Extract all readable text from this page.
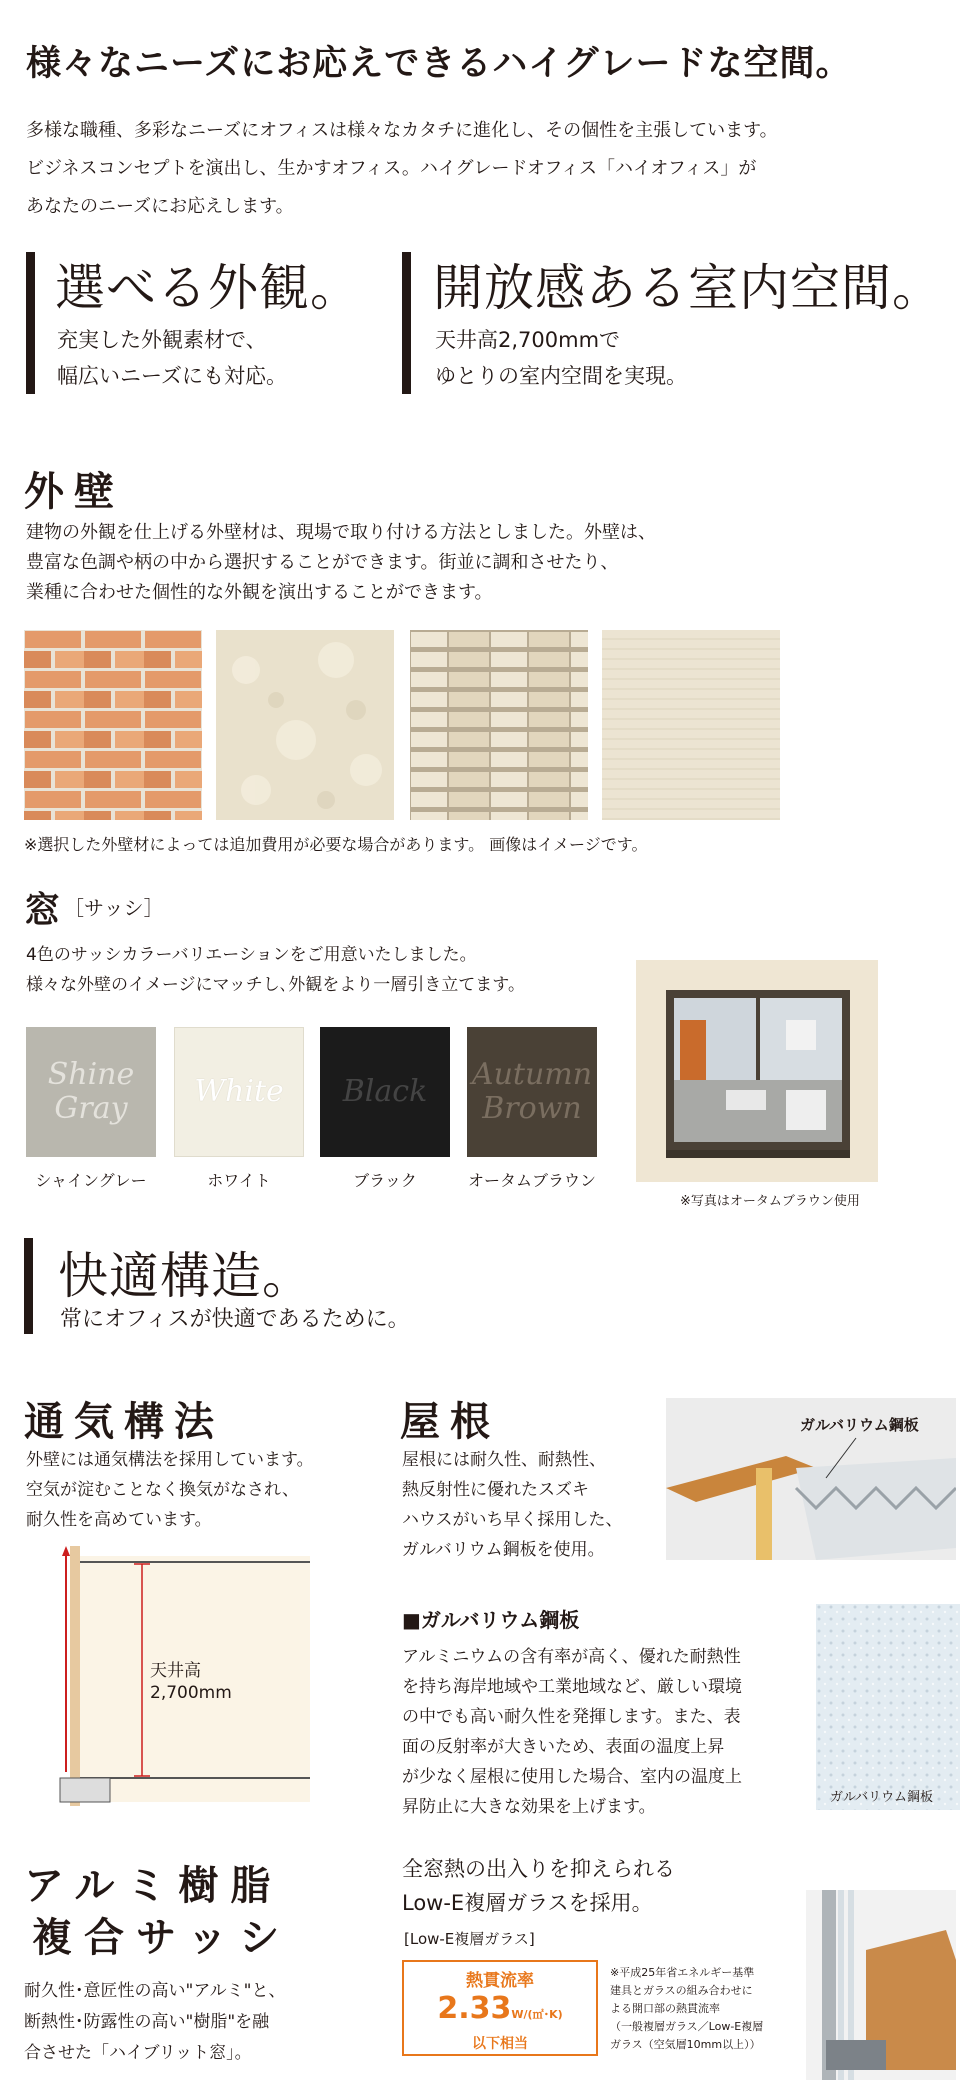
様々なニーズにお応えできるハイグレードな空間。
多様な職種、多彩なニーズにオフィスは様々なカタチに進化し、その個性を主張しています。
ビジネスコンセプトを演出し、生かすオフィス。ハイグレードオフィス「ハイオフィス」が
あなたのニーズにお応えします。
選べる外観。
充実した外観素材で、
幅広いニーズにも対応。
開放感ある室内空間。
天井高2,700mmで
ゆとりの室内空間を実現。
外壁
建物の外観を仕上げる外壁材は、現場で取り付ける方法としました。外壁は、
豊富な色調や柄の中から選択することができます。街並に調和させたり、
業種に合わせた個性的な外観を演出することができます。
※選択した外壁材によっては追加費用が必要な場合があります。 画像はイメージです。
窓 ［サッシ］
4色のサッシカラーバリエーションをご用意いたしました。
様々な外壁のイメージにマッチし､外観をより一層引き立てます。
Shine
Gray White Black Autumn
Brown
シャイングレー	ホワイト	ブラック	オータムブラウン
※写真はオータムブラウン使用
快適構造。
常にオフィスが快適であるために。
通気構法
外壁には通気構法を採用しています。
空気が淀むことなく換気がなされ、
耐久性を高めています。
天井高
2,700mm
屋根
屋根には耐久性、耐熱性、
熱反射性に優れたスズキ
ハウスがいち早く採用した、
ガルバリウム鋼板を使用。
ガルバリウム鋼板
■ガルバリウム鋼板
アルミニウムの含有率が高く、優れた耐熱性
を持ち海岸地域や工業地域など、厳しい環境
の中でも高い耐久性を発揮します。また、表
面の反射率が大きいため、表面の温度上昇
が少なく屋根に使用した場合、室内の温度上
昇防止に大きな効果を上げます。	ガルバリウム鋼板
アルミ樹脂
複合サッシ
耐久性･意匠性の高い"アルミ"と、
断熱性･防露性の高い"樹脂"を融
合させた「ハイブリット窓」。
全窓熱の出入りを抑えられる
Low-E複層ガラスを採用。
[Low-E複層ガラス]
熱貫流率
2.33W/(㎡･K)
以下相当
※平成25年省エネルギー基準
建具とガラスの組み合わせに
よる開口部の熱貫流率
（一般複層ガラス／Low-E複層
ガラス（空気層10mm以上））
